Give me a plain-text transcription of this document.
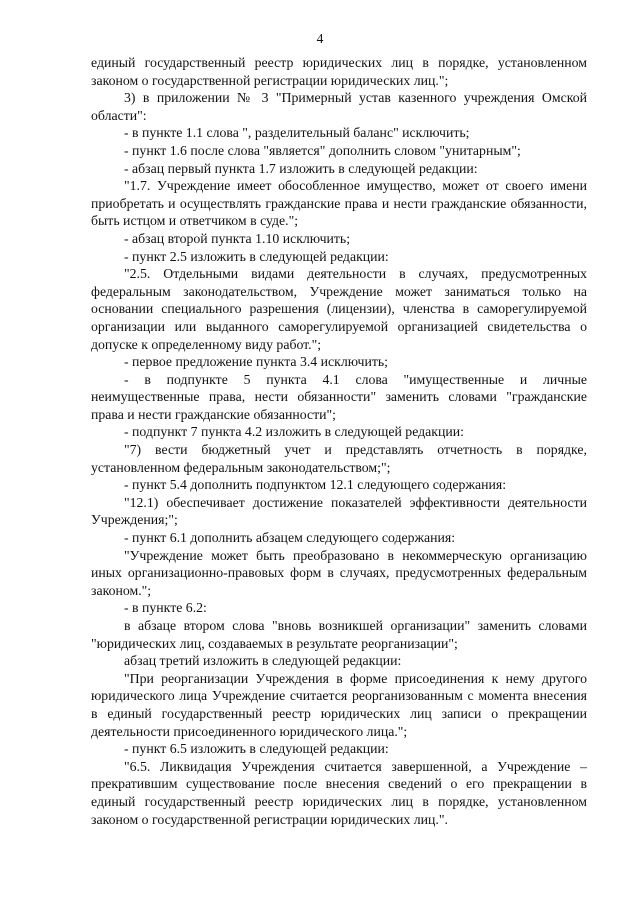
4

единый государственный реестр юридических лиц в порядке, установленном законом о государственной регистрации юридических лиц.";

3) в приложении № 3 "Примерный устав казенного учреждения Омской области":

- в пункте 1.1 слова ", разделительный баланс" исключить;

- пункт 1.6 после слова "является" дополнить словом "унитарным";

- абзац первый пункта 1.7 изложить в следующей редакции:

"1.7. Учреждение имеет обособленное имущество, может от своего имени приобретать и осуществлять гражданские права и нести гражданские обязанности, быть истцом и ответчиком в суде.";

- абзац второй пункта 1.10 исключить;

- пункт 2.5 изложить в следующей редакции:

"2.5. Отдельными видами деятельности в случаях, предусмотренных федеральным законодательством, Учреждение может заниматься только на основании специального разрешения (лицензии), членства в саморегулируемой организации или выданного саморегулируемой организацией свидетельства о допуске к определенному виду работ.";

- первое предложение пункта 3.4 исключить;

- в подпункте 5 пункта 4.1 слова "имущественные и личные неимущественные права, нести обязанности" заменить словами "гражданские права и нести гражданские обязанности";

- подпункт 7 пункта 4.2 изложить в следующей редакции:

"7) вести бюджетный учет и представлять отчетность в порядке, установленном федеральным законодательством;";

- пункт 5.4 дополнить подпунктом 12.1 следующего содержания:

"12.1) обеспечивает достижение показателей эффективности деятельности Учреждения;";

- пункт 6.1 дополнить абзацем следующего содержания:

"Учреждение может быть преобразовано в некоммерческую организацию иных организационно-правовых форм в случаях, предусмотренных федеральным законом.";

- в пункте 6.2:

в абзаце втором слова "вновь возникшей организации" заменить словами "юридических лиц, создаваемых в результате реорганизации";

абзац третий изложить в следующей редакции:

"При реорганизации Учреждения в форме присоединения к нему другого юридического лица Учреждение считается реорганизованным с момента внесения в единый государственный реестр юридических лиц записи о прекращении деятельности присоединенного юридического лица.";

- пункт 6.5 изложить в следующей редакции:

"6.5. Ликвидация Учреждения считается завершенной, а Учреждение – прекратившим существование после внесения сведений о его прекращении в единый государственный реестр юридических лиц в порядке, установленном законом о государственной регистрации юридических лиц.".
